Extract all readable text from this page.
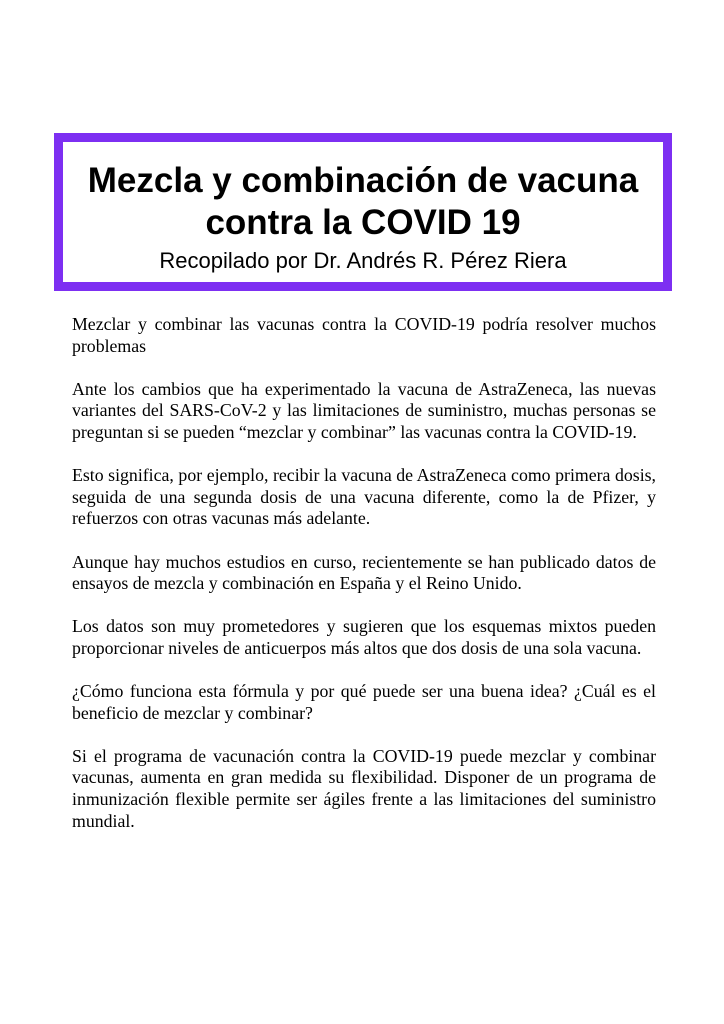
Mezcla y combinación de vacuna contra la COVID 19
Recopilado por Dr. Andrés R. Pérez Riera

Mezclar y combinar las vacunas contra la COVID-19 podría resolver muchos problemas

Ante los cambios que ha experimentado la vacuna de AstraZeneca, las nuevas variantes del SARS-CoV-2 y las limitaciones de suministro, muchas personas se preguntan si se pueden “mezclar y combinar” las vacunas contra la COVID-19.

Esto significa, por ejemplo, recibir la vacuna de AstraZeneca como primera dosis, seguida de una segunda dosis de una vacuna diferente, como la de Pfizer, y refuerzos con otras vacunas más adelante.

Aunque hay muchos estudios en curso, recientemente se han publicado datos de ensayos de mezcla y combinación en España y el Reino Unido.

Los datos son muy prometedores y sugieren que los esquemas mixtos pueden proporcionar niveles de anticuerpos más altos que dos dosis de una sola vacuna.

¿Cómo funciona esta fórmula y por qué puede ser una buena idea? ¿Cuál es el beneficio de mezclar y combinar?

Si el programa de vacunación contra la COVID-19 puede mezclar y combinar vacunas, aumenta en gran medida su flexibilidad. Disponer de un programa de inmunización flexible permite ser ágiles frente a las limitaciones del suministro mundial.
